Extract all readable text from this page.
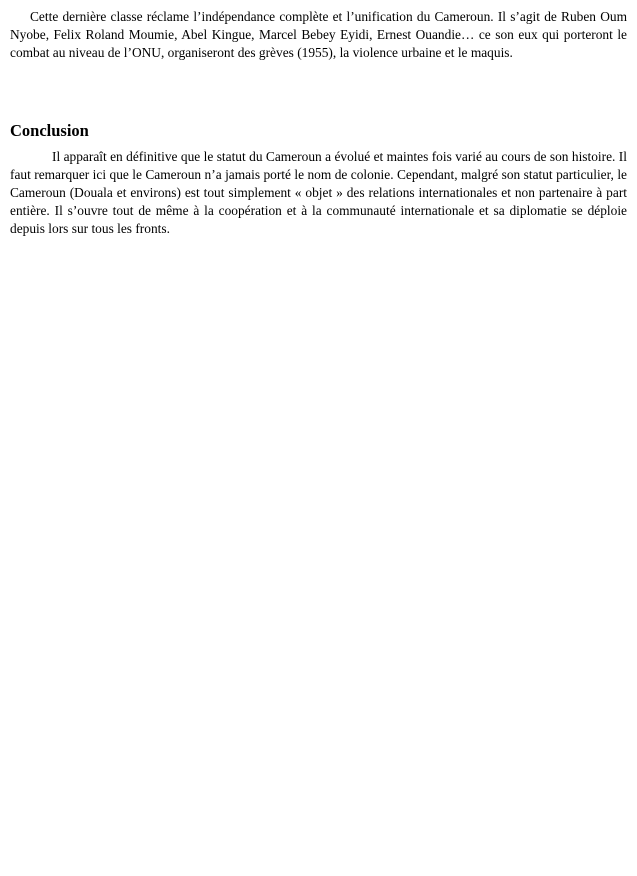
Cette dernière classe réclame l’indépendance complète et l’unification du Cameroun. Il s’agit de Ruben Oum Nyobe, Felix Roland Moumie, Abel Kingue, Marcel Bebey Eyidi, Ernest Ouandie… ce son eux qui porteront le combat au niveau de l’ONU, organiseront des grèves (1955), la violence urbaine et le maquis.

Conclusion

Il apparaît en définitive que le statut du Cameroun a évolué et maintes fois varié au cours de son histoire. Il faut remarquer ici que le Cameroun n’a jamais porté le nom de colonie. Cependant, malgré son statut particulier, le Cameroun (Douala et environs) est tout simplement « objet » des relations internationales et non partenaire à part entière. Il s’ouvre tout de même à la coopération et à la communauté internationale et sa diplomatie se déploie depuis lors sur tous les fronts.
